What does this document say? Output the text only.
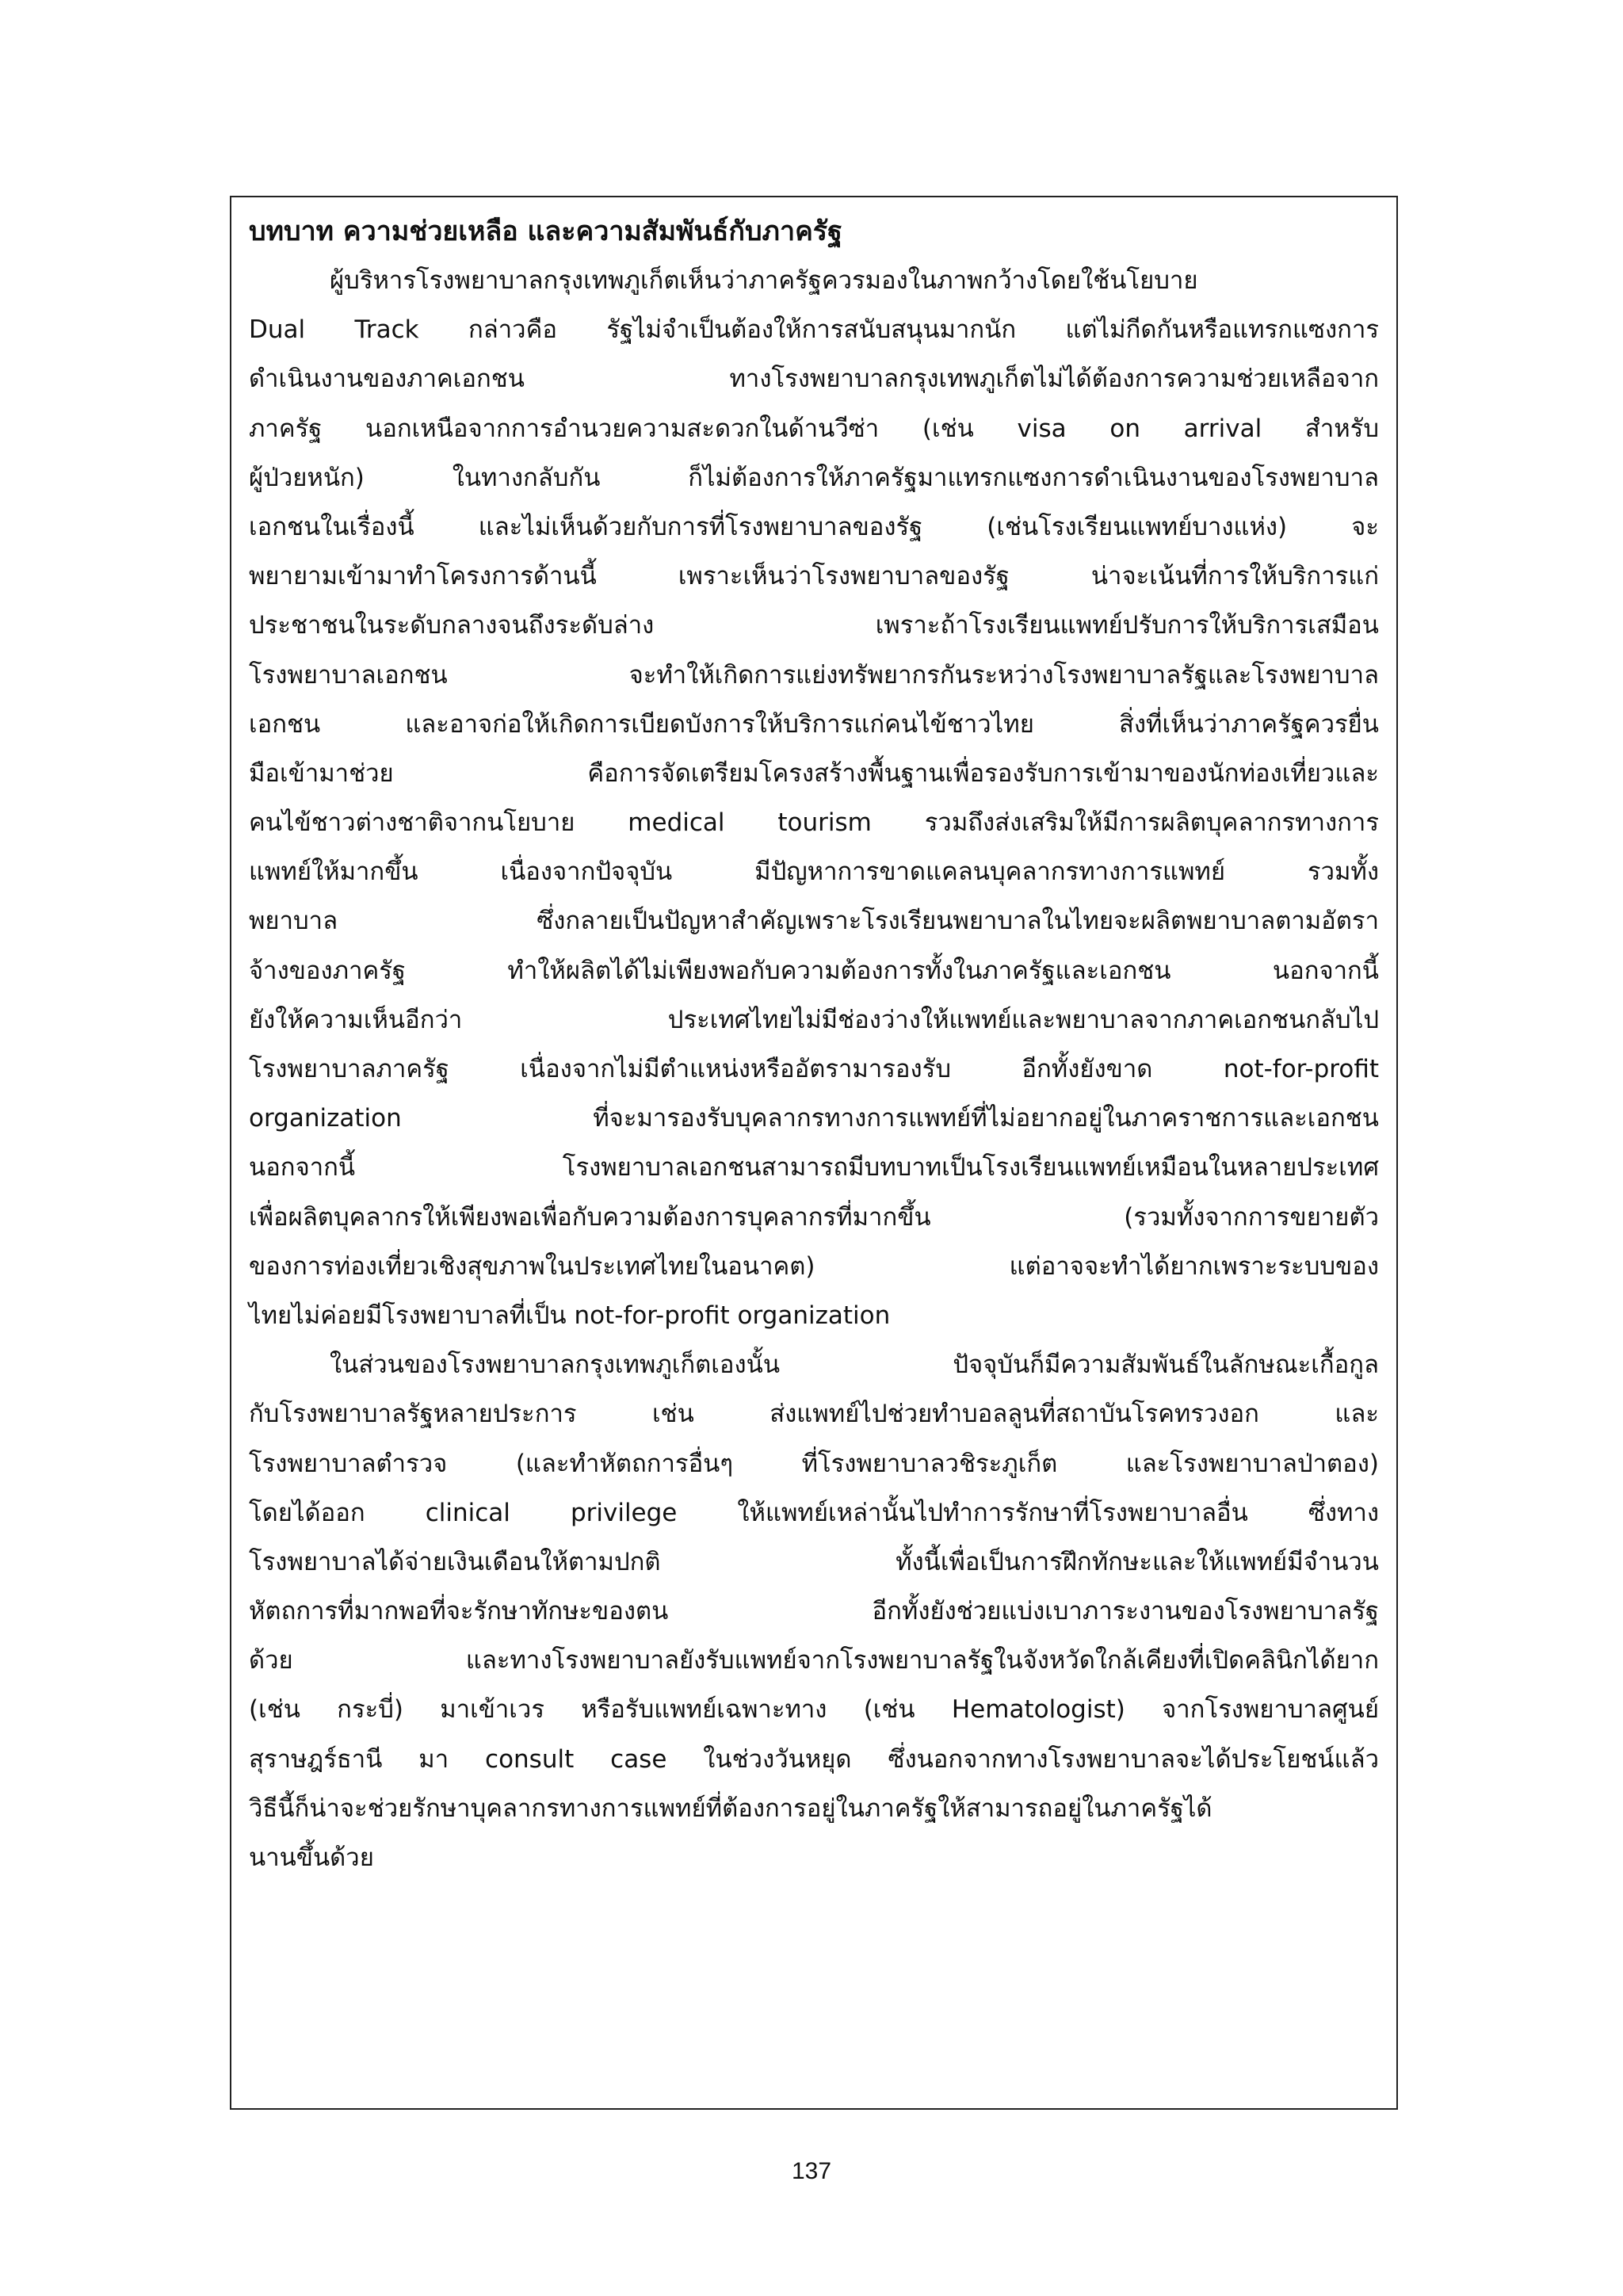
บทบาท ความช่วยเหลือ และความสัมพันธ์กับภาครัฐ
ผู้บริหารโรงพยาบาลกรุงเทพภูเก็ตเห็นว่าภาครัฐควรมองในภาพกว้างโดยใช้นโยบาย
Dual Track กล่าวคือ รัฐไม่จำเป็นต้องให้การสนับสนุนมากนัก แต่ไม่กีดกันหรือแทรกแซงการ
ดำเนินงานของภาคเอกชน ทางโรงพยาบาลกรุงเทพภูเก็ตไม่ได้ต้องการความช่วยเหลือจาก
ภาครัฐ นอกเหนือจากการอำนวยความสะดวกในด้านวีซ่า (เช่น visa on arrival สำหรับ
ผู้ป่วยหนัก) ในทางกลับกัน ก็ไม่ต้องการให้ภาครัฐมาแทรกแซงการดำเนินงานของโรงพยาบาล
เอกชนในเรื่องนี้ และไม่เห็นด้วยกับการที่โรงพยาบาลของรัฐ (เช่นโรงเรียนแพทย์บางแห่ง) จะ
พยายามเข้ามาทำโครงการด้านนี้ เพราะเห็นว่าโรงพยาบาลของรัฐ น่าจะเน้นที่การให้บริการแก่
ประชาชนในระดับกลางจนถึงระดับล่าง เพราะถ้าโรงเรียนแพทย์ปรับการให้บริการเสมือน
โรงพยาบาลเอกชน จะทำให้เกิดการแย่งทรัพยากรกันระหว่างโรงพยาบาลรัฐและโรงพยาบาล
เอกชน และอาจก่อให้เกิดการเบียดบังการให้บริการแก่คนไข้ชาวไทย สิ่งที่เห็นว่าภาครัฐควรยื่น
มือเข้ามาช่วย คือการจัดเตรียมโครงสร้างพื้นฐานเพื่อรองรับการเข้ามาของนักท่องเที่ยวและ
คนไข้ชาวต่างชาติจากนโยบาย medical tourism รวมถึงส่งเสริมให้มีการผลิตบุคลากรทางการ
แพทย์ให้มากขึ้น เนื่องจากปัจจุบัน มีปัญหาการขาดแคลนบุคลากรทางการแพทย์ รวมทั้ง
พยาบาล ซึ่งกลายเป็นปัญหาสำคัญเพราะโรงเรียนพยาบาลในไทยจะผลิตพยาบาลตามอัตรา
จ้างของภาครัฐ ทำให้ผลิตได้ไม่เพียงพอกับความต้องการทั้งในภาครัฐและเอกชน นอกจากนี้
ยังให้ความเห็นอีกว่า ประเทศไทยไม่มีช่องว่างให้แพทย์และพยาบาลจากภาคเอกชนกลับไป
โรงพยาบาลภาครัฐ เนื่องจากไม่มีตำแหน่งหรืออัตรามารองรับ อีกทั้งยังขาด not-for-profit
organization ที่จะมารองรับบุคลากรทางการแพทย์ที่ไม่อยากอยู่ในภาคราชการและเอกชน
นอกจากนี้ โรงพยาบาลเอกชนสามารถมีบทบาทเป็นโรงเรียนแพทย์เหมือนในหลายประเทศ
เพื่อผลิตบุคลากรให้เพียงพอเพื่อกับความต้องการบุคลากรที่มากขึ้น (รวมทั้งจากการขยายตัว
ของการท่องเที่ยวเชิงสุขภาพในประเทศไทยในอนาคต) แต่อาจจะทำได้ยากเพราะระบบของ
ไทยไม่ค่อยมีโรงพยาบาลที่เป็น not-for-profit organization
ในส่วนของโรงพยาบาลกรุงเทพภูเก็ตเองนั้น ปัจจุบันก็มีความสัมพันธ์ในลักษณะเกื้อกูล
กับโรงพยาบาลรัฐหลายประการ เช่น ส่งแพทย์ไปช่วยทำบอลลูนที่สถาบันโรคทรวงอก และ
โรงพยาบาลตำรวจ (และทำหัตถการอื่นๆ ที่โรงพยาบาลวชิระภูเก็ต และโรงพยาบาลป่าตอง)
โดยได้ออก clinical privilege ให้แพทย์เหล่านั้นไปทำการรักษาที่โรงพยาบาลอื่น ซึ่งทาง
โรงพยาบาลได้จ่ายเงินเดือนให้ตามปกติ ทั้งนี้เพื่อเป็นการฝึกทักษะและให้แพทย์มีจำนวน
หัตถการที่มากพอที่จะรักษาทักษะของตน อีกทั้งยังช่วยแบ่งเบาภาระงานของโรงพยาบาลรัฐ
ด้วย และทางโรงพยาบาลยังรับแพทย์จากโรงพยาบาลรัฐในจังหวัดใกล้เคียงที่เปิดคลินิกได้ยาก
(เช่น กระบี่) มาเข้าเวร หรือรับแพทย์เฉพาะทาง (เช่น Hematologist) จากโรงพยาบาลศูนย์
สุราษฎร์ธานี มา consult case ในช่วงวันหยุด ซึ่งนอกจากทางโรงพยาบาลจะได้ประโยชน์แล้ว
วิธีนี้ก็น่าจะช่วยรักษาบุคลากรทางการแพทย์ที่ต้องการอยู่ในภาครัฐให้สามารถอยู่ในภาครัฐได้
นานขึ้นด้วย
137
